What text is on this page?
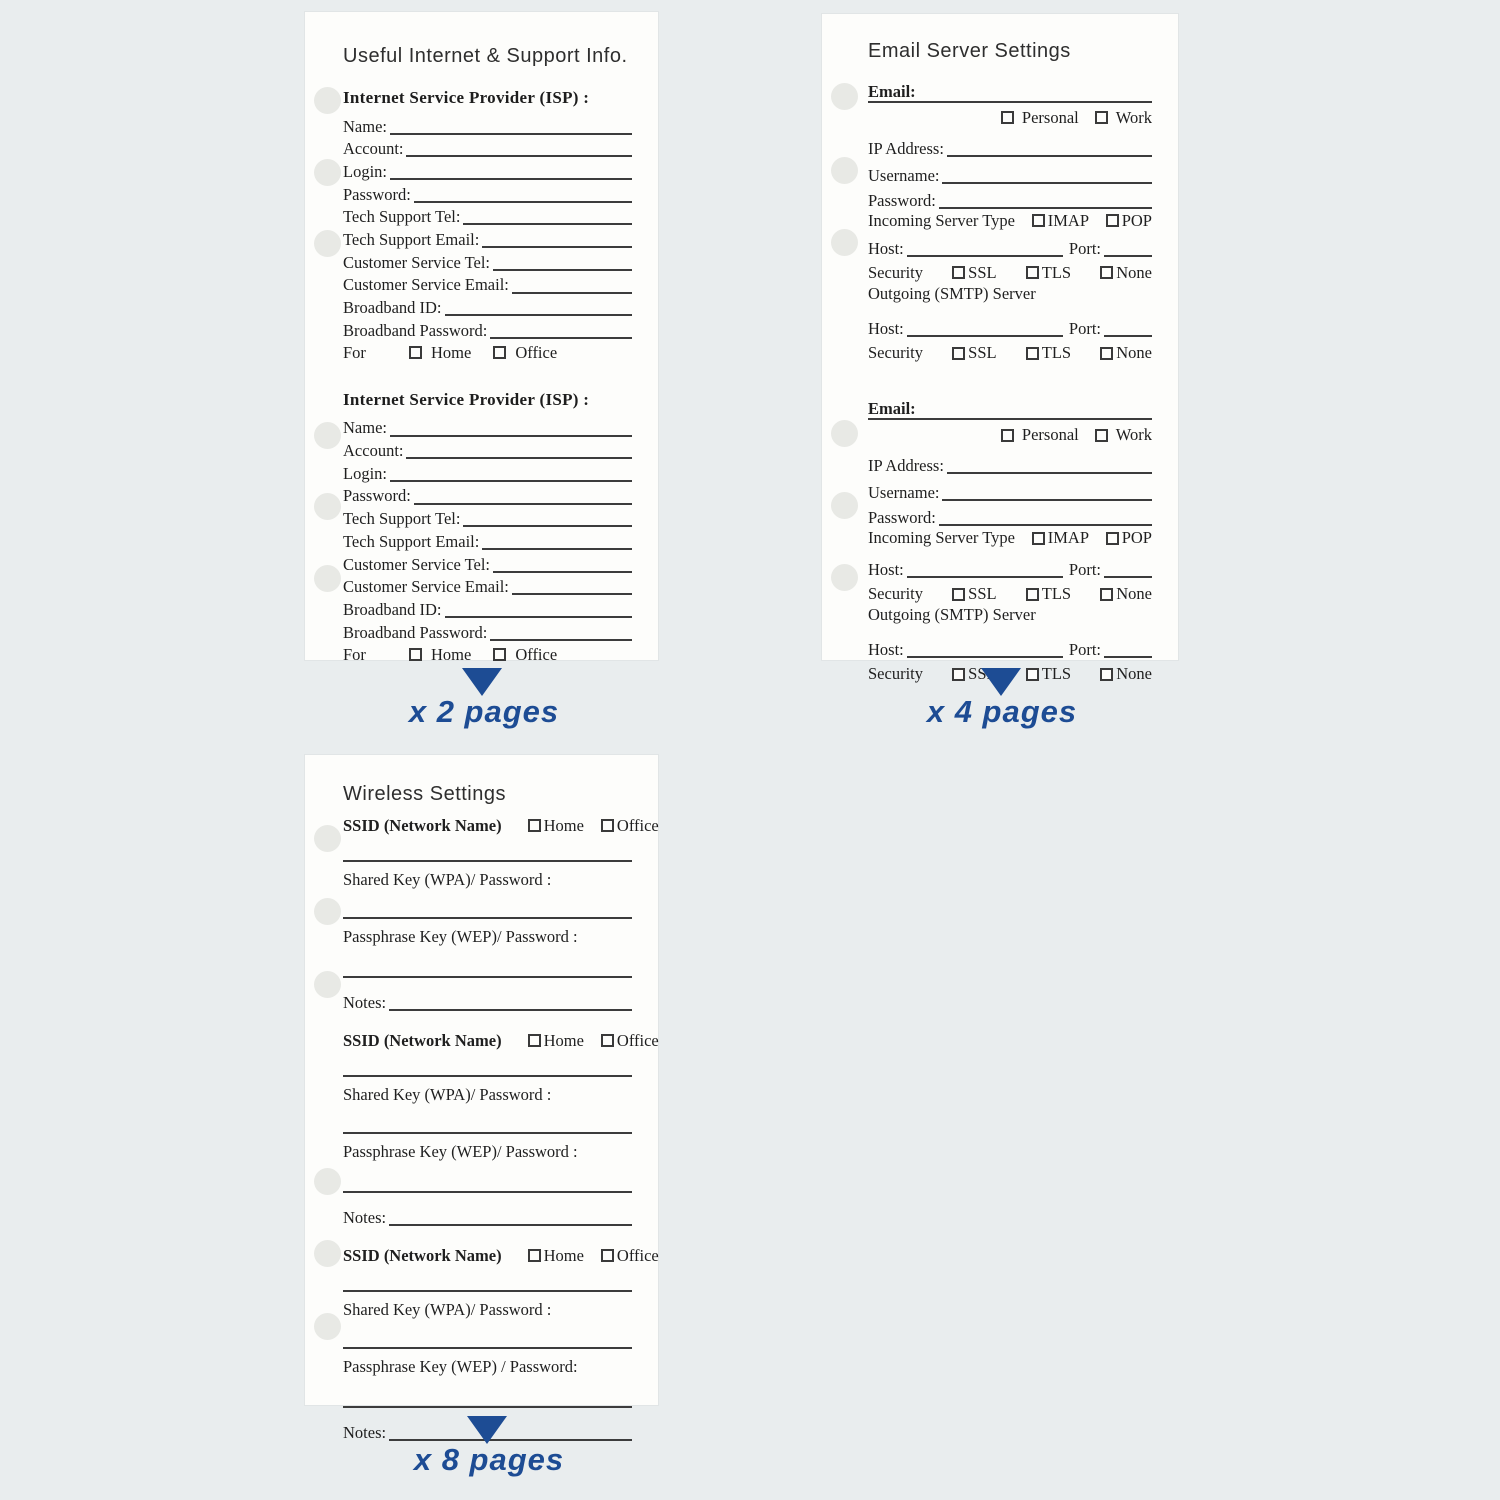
Useful Internet & Support Info.
Internet Service Provider (ISP) :
Name:
Account:
Login:
Password:
Tech Support Tel:
Tech Support Email:
Customer Service Tel:
Customer Service Email:
Broadband ID:
Broadband Password:
For	Home	Office
Internet Service Provider (ISP) :
Name:
Account:
Login:
Password:
Tech Support Tel:
Tech Support Email:
Customer Service Tel:
Customer Service Email:
Broadband ID:
Broadband Password:
For	Home	Office
x 2 pages
Email Server Settings
Email:
Personal Work
IP Address:
Username:
Password:
Incoming Server Type IMAP POP
Host:	Port:
Security	SSL	TLS	None
Outgoing (SMTP) Server
Host:	Port:
Security	SSL	TLS	None
Email:
Personal Work
IP Address:
Username:
Password:
Incoming Server Type IMAP POP
Host:	Port:
Security	SSL	TLS	None
Outgoing (SMTP) Server
Host:	Port:
Security	SSL	TLS	None
x 4 pages
Wireless Settings
SSID (Network Name)	Home Office
Shared Key (WPA)/ Password :
Passphrase Key (WEP)/ Password :
Notes:
SSID (Network Name)	Home Office
Shared Key (WPA)/ Password :
Passphrase Key (WEP)/ Password :
Notes:
SSID (Network Name)	Home Office
Shared Key (WPA)/ Password :
Passphrase Key (WEP) / Password:
Notes:
x 8 pages
